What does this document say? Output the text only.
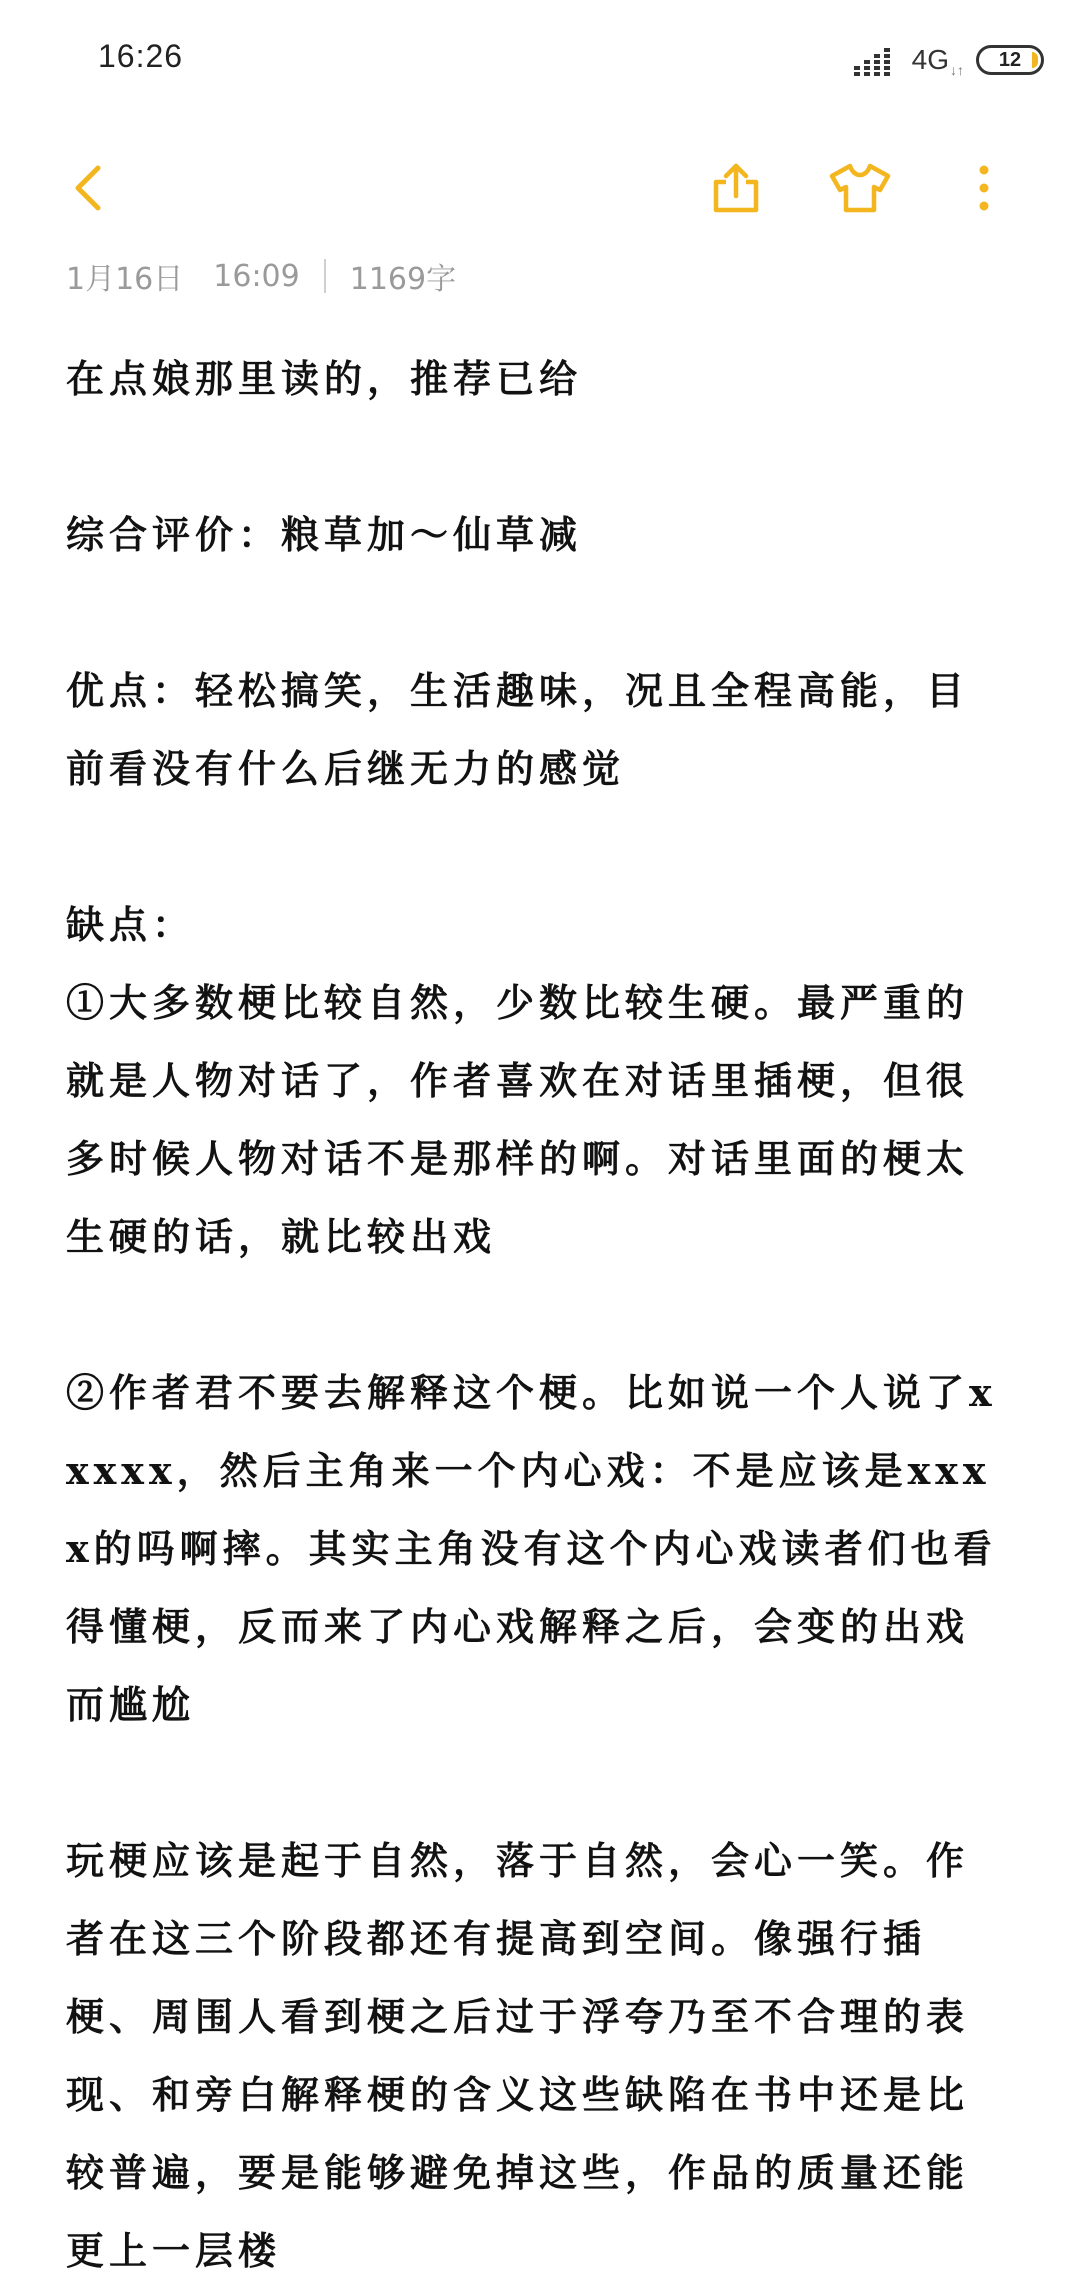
16:26	$4G_{↓↑}$ 12
1月16日 16:09 1169字

在点娘那里读的，推荐已给

综合评价：粮草加～仙草减

优点：轻松搞笑，生活趣味，况且全程高能，目前看没有什么后继无力的感觉

缺点：

①大多数梗比较自然，少数比较生硬。最严重的就是人物对话了，作者喜欢在对话里插梗，但很多时候人物对话不是那样的啊。对话里面的梗太生硬的话，就比较出戏

②作者君不要去解释这个梗。比如说一个人说了xxxxx，然后主角来一个内心戏：不是应该是xxxx的吗啊摔。其实主角没有这个内心戏读者们也看得懂梗，反而来了内心戏解释之后，会变的出戏而尴尬

玩梗应该是起于自然，落于自然，会心一笑。作者在这三个阶段都还有提高到空间。像强行插梗、周围人看到梗之后过于浮夸乃至不合理的表现、和旁白解释梗的含义这些缺陷在书中还是比较普遍，要是能够避免掉这些，作品的质量还能更上一层楼
